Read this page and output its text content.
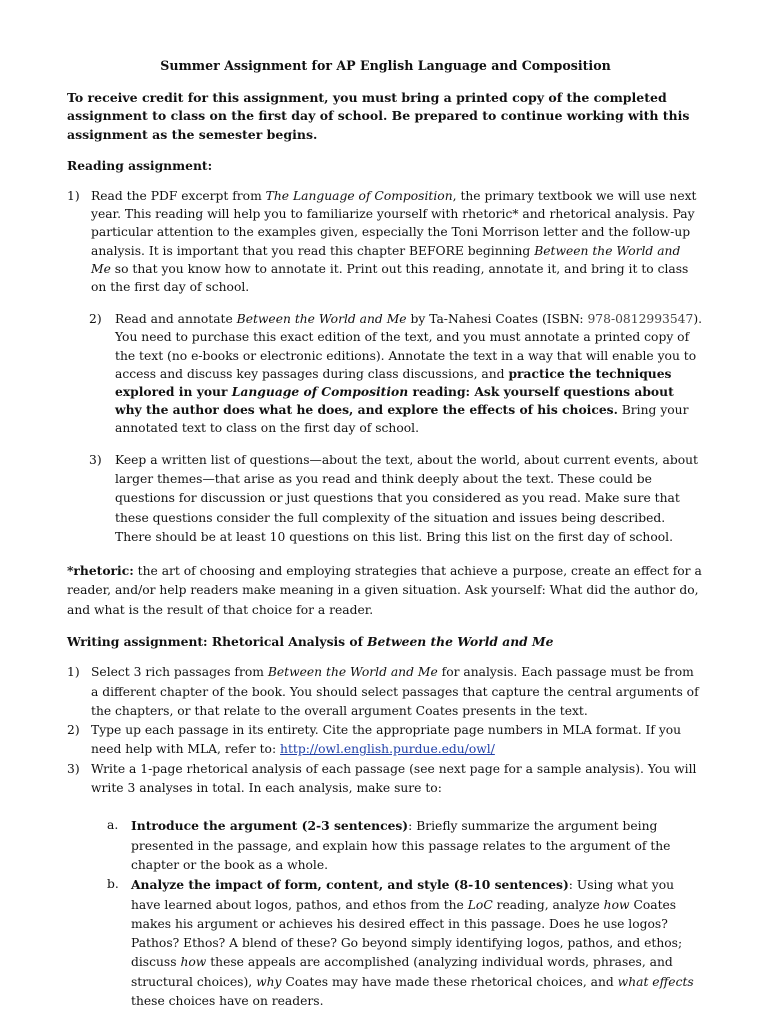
Summer Assignment for AP English Language and Composition

To receive credit for this assignment, you must bring a printed copy of the completed assignment to class on the first day of school. Be prepared to continue working with this assignment as the semester begins.

Reading assignment:

1) Read the PDF excerpt from The Language of Composition, the primary textbook we will use next year. This reading will help you to familiarize yourself with rhetoric* and rhetorical analysis. Pay particular attention to the examples given, especially the Toni Morrison letter and the follow-up analysis. It is important that you read this chapter BEFORE beginning Between the World and Me so that you know how to annotate it. Print out this reading, annotate it, and bring it to class on the first day of school.
2) Read and annotate Between the World and Me by Ta-Nahesi Coates (ISBN: 978-0812993547). You need to purchase this exact edition of the text, and you must annotate a printed copy of the text (no e-books or electronic editions). Annotate the text in a way that will enable you to access and discuss key passages during class discussions, and practice the techniques explored in your Language of Composition reading: Ask yourself questions about why the author does what he does, and explore the effects of his choices. Bring your annotated text to class on the first day of school.
3) Keep a written list of questions—about the text, about the world, about current events, about larger themes—that arise as you read and think deeply about the text. These could be questions for discussion or just questions that you considered as you read. Make sure that these questions consider the full complexity of the situation and issues being described. There should be at least 10 questions on this list. Bring this list on the first day of school.

*rhetoric: the art of choosing and employing strategies that achieve a purpose, create an effect for a reader, and/or help readers make meaning in a given situation. Ask yourself: What did the author do, and what is the result of that choice for a reader.

Writing assignment: Rhetorical Analysis of Between the World and Me

1) Select 3 rich passages from Between the World and Me for analysis. Each passage must be from a different chapter of the book. You should select passages that capture the central arguments of the chapters, or that relate to the overall argument Coates presents in the text.
2) Type up each passage in its entirety. Cite the appropriate page numbers in MLA format. If you need help with MLA, refer to: http://owl.english.purdue.edu/owl/
3) Write a 1-page rhetorical analysis of each passage (see next page for a sample analysis). You will write 3 analyses in total. In each analysis, make sure to:
a. Introduce the argument (2-3 sentences): Briefly summarize the argument being presented in the passage, and explain how this passage relates to the argument of the chapter or the book as a whole.
b. Analyze the impact of form, content, and style (8-10 sentences): Using what you have learned about logos, pathos, and ethos from the LoC reading, analyze how Coates makes his argument or achieves his desired effect in this passage. Does he use logos? Pathos? Ethos? A blend of these? Go beyond simply identifying logos, pathos, and ethos; discuss how these appeals are accomplished (analyzing individual words, phrases, and structural choices), why Coates may have made these rhetorical choices, and what effects these choices have on readers.
